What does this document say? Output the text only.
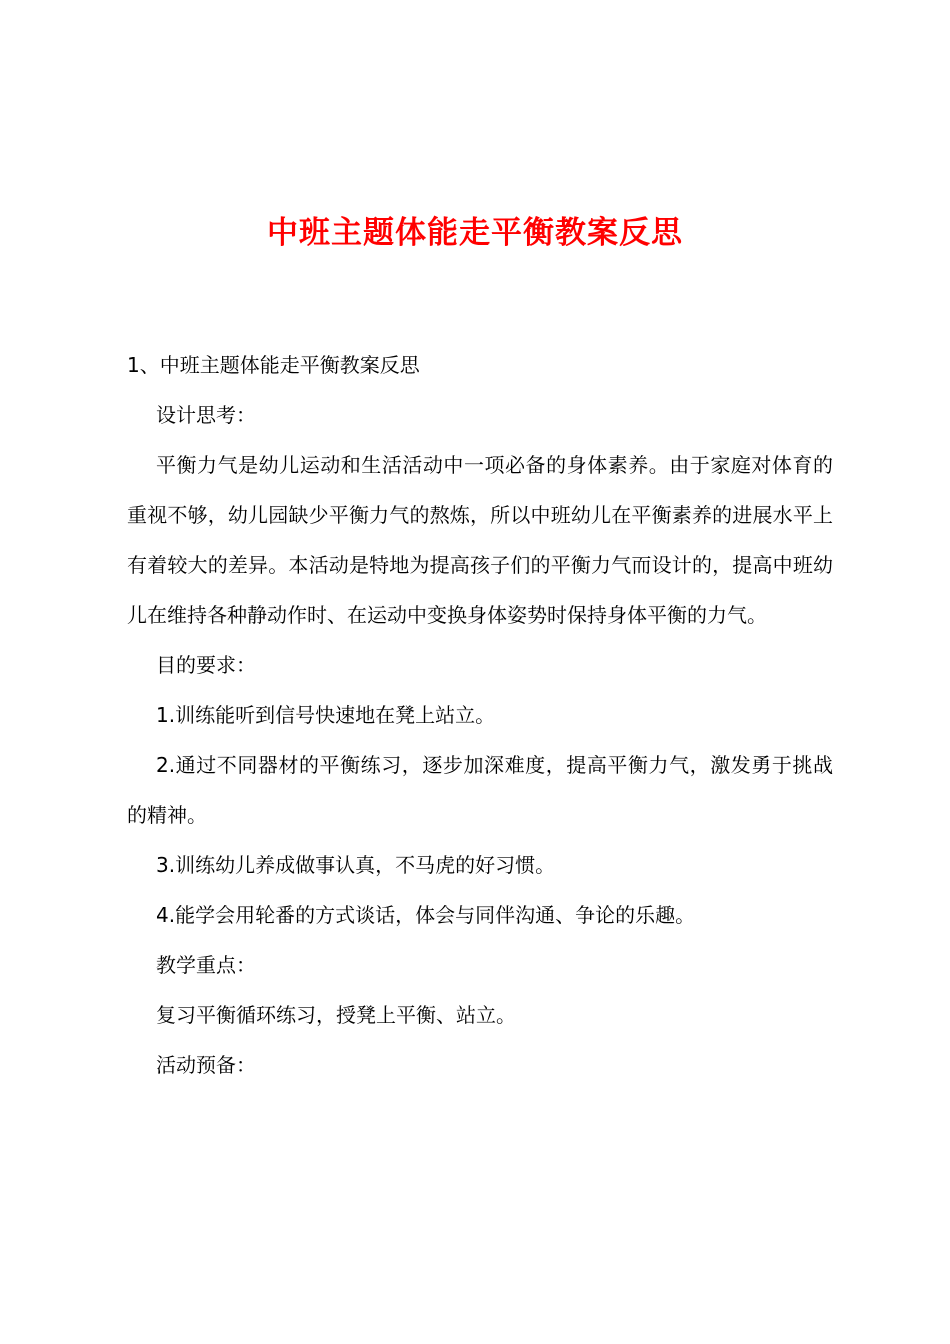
中班主题体能走平衡教案反思

1、中班主题体能走平衡教案反思

设计思考：

平衡力气是幼儿运动和生活活动中一项必备的身体素养。由于家庭对体育的重视不够，幼儿园缺少平衡力气的熬炼，所以中班幼儿在平衡素养的进展水平上有着较大的差异。本活动是特地为提高孩子们的平衡力气而设计的，提高中班幼儿在维持各种静动作时、在运动中变换身体姿势时保持身体平衡的力气。

目的要求：

1.训练能听到信号快速地在凳上站立。

2.通过不同器材的平衡练习，逐步加深难度，提高平衡力气，激发勇于挑战的精神。

3.训练幼儿养成做事认真，不马虎的好习惯。

4.能学会用轮番的方式谈话，体会与同伴沟通、争论的乐趣。

教学重点：

复习平衡循环练习，授凳上平衡、站立。

活动预备：
